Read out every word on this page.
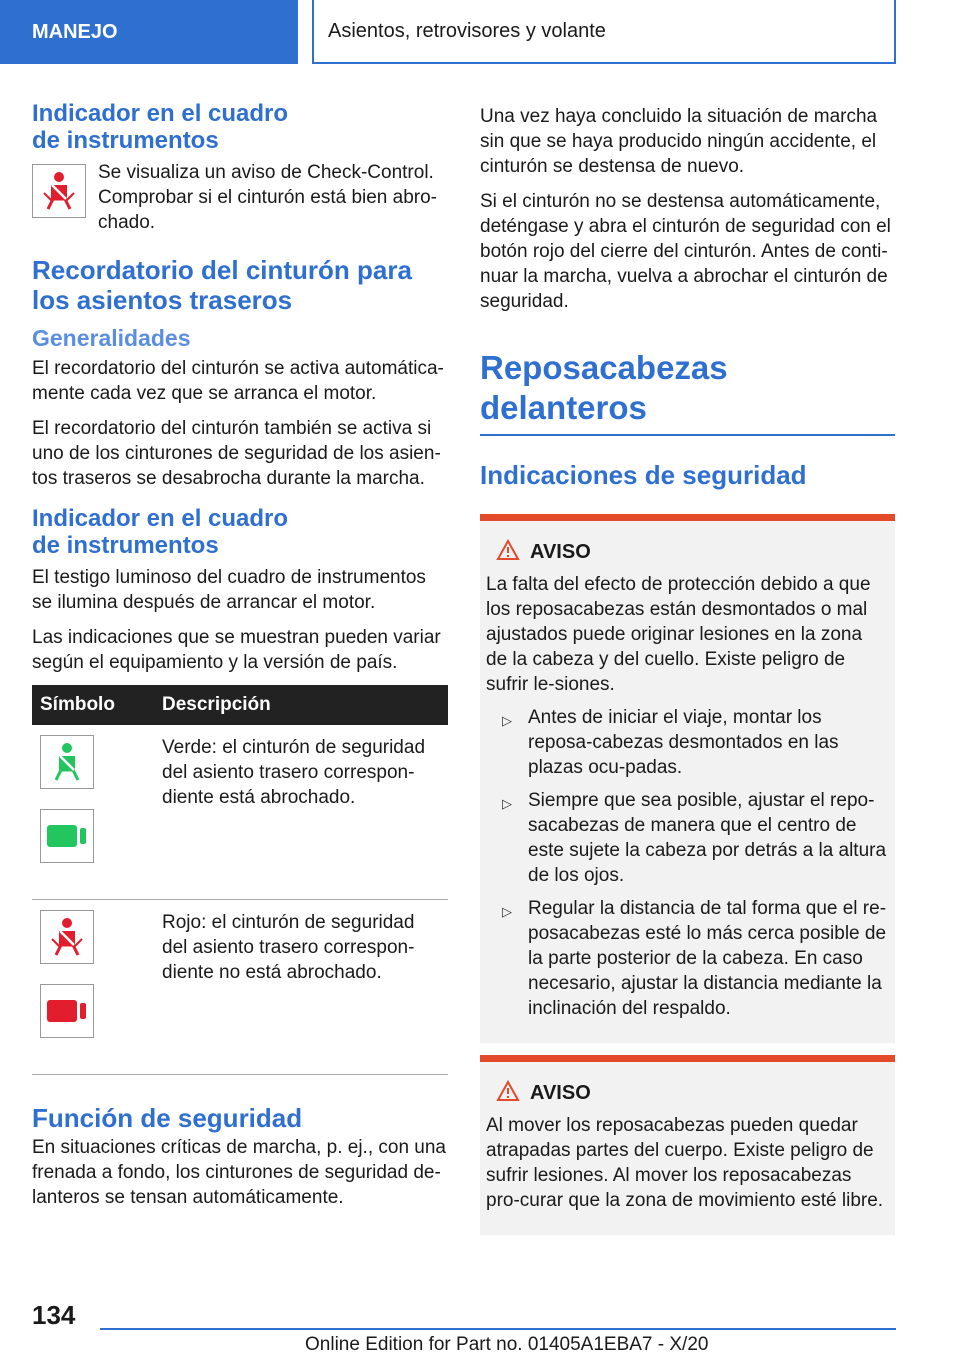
MANEJO	Asientos, retrovisores y volante
Indicador en el cuadro de instrumentos

Se visualiza un aviso de Check-Control. Comprobar si el cinturón está bien abro-chado.

Recordatorio del cinturón para los asientos traseros
Generalidades

El recordatorio del cinturón se activa automática-mente cada vez que se arranca el motor.

El recordatorio del cinturón también se activa si uno de los cinturones de seguridad de los asien-tos traseros se desabrocha durante la marcha.

Indicador en el cuadro de instrumentos

El testigo luminoso del cuadro de instrumentos se ilumina después de arrancar el motor.

Las indicaciones que se muestran pueden variar según el equipamiento y la versión de país.

Símbolo	Descripción

	Verde: el cinturón de seguridad del asiento trasero correspon-diente está abrochado.

	Rojo: el cinturón de seguridad del asiento trasero correspon-diente no está abrochado.
Función de seguridad

En situaciones críticas de marcha, p. ej., con una frenada a fondo, los cinturones de seguridad de-lanteros se tensan automáticamente.

Una vez haya concluido la situación de marcha sin que se haya producido ningún accidente, el cinturón se destensa de nuevo.

Si el cinturón no se destensa automáticamente, deténgase y abra el cinturón de seguridad con el botón rojo del cierre del cinturón. Antes de conti-nuar la marcha, vuelva a abrochar el cinturón de seguridad.

Reposacabezas delanteros
Indicaciones de seguridad
AVISO

La falta del efecto de protección debido a que los reposacabezas están desmontados o mal ajustados puede originar lesiones en la zona de la cabeza y del cuello. Existe peligro de sufrir le-siones.

▷ Antes de iniciar el viaje, montar los reposa-cabezas desmontados en las plazas ocu-padas.
▷ Siempre que sea posible, ajustar el repo-sacabezas de manera que el centro de este sujete la cabeza por detrás a la altura de los ojos.
▷ Regular la distancia de tal forma que el re-posacabezas esté lo más cerca posible de la parte posterior de la cabeza. En caso necesario, ajustar la distancia mediante la inclinación del respaldo.
AVISO

Al mover los reposacabezas pueden quedar atrapadas partes del cuerpo. Existe peligro de sufrir lesiones. Al mover los reposacabezas pro-curar que la zona de movimiento esté libre.

134
Online Edition for Part no. 01405A1EBA7 - X/20
